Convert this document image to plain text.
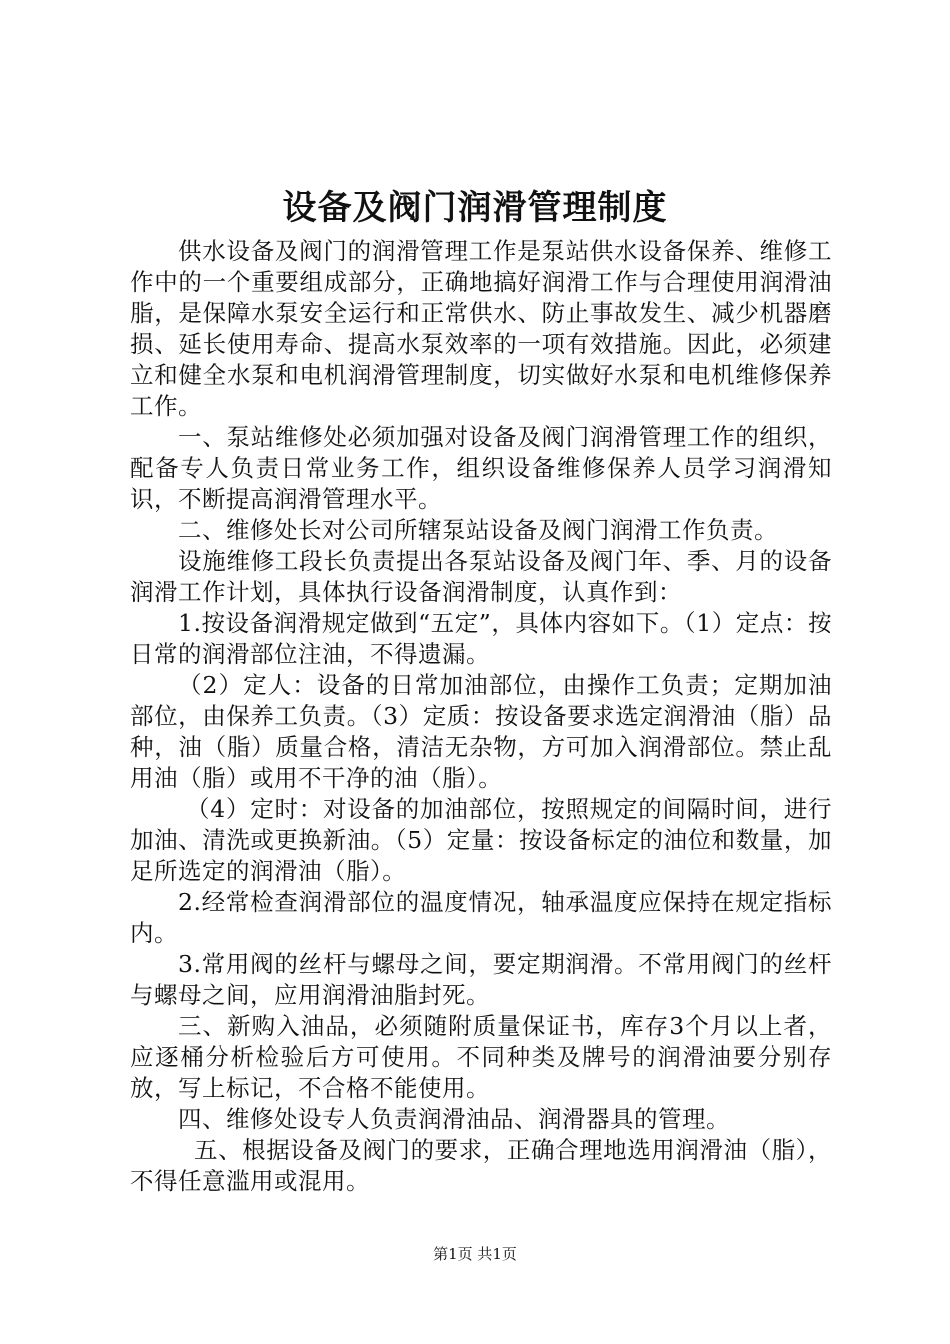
设备及阀门润滑管理制度

供水设备及阀门的润滑管理工作是泵站供水设备保养、维修工作中的一个重要组成部分，正确地搞好润滑工作与合理使用润滑油脂，是保障水泵安全运行和正常供水、防止事故发生、减少机器磨损、延长使用寿命、提高水泵效率的一项有效措施。因此，必须建立和健全水泵和电机润滑管理制度，切实做好水泵和电机维修保养工作。

一、泵站维修处必须加强对设备及阀门润滑管理工作的组织，配备专人负责日常业务工作，组织设备维修保养人员学习润滑知识，不断提高润滑管理水平。

二、维修处长对公司所辖泵站设备及阀门润滑工作负责。

设施维修工段长负责提出各泵站设备及阀门年、季、月的设备润滑工作计划，具体执行设备润滑制度，认真作到：

1.按设备润滑规定做到“五定”，具体内容如下。（1）定点：按日常的润滑部位注油，不得遗漏。

（2）定人：设备的日常加油部位，由操作工负责；定期加油部位，由保养工负责。（3）定质：按设备要求选定润滑油（脂）品种，油（脂）质量合格，清洁无杂物，方可加入润滑部位。禁止乱用油（脂）或用不干净的油（脂）。

（4）定时：对设备的加油部位，按照规定的间隔时间，进行加油、清洗或更换新油。（5）定量：按设备标定的油位和数量，加足所选定的润滑油（脂）。

2.经常检查润滑部位的温度情况，轴承温度应保持在规定指标内。

3.常用阀的丝杆与螺母之间，要定期润滑。不常用阀门的丝杆与螺母之间，应用润滑油脂封死。

三、新购入油品，必须随附质量保证书，库存3个月以上者，应逐桶分析检验后方可使用。不同种类及牌号的润滑油要分别存放，写上标记，不合格不能使用。

四、维修处设专人负责润滑油品、润滑器具的管理。

五、根据设备及阀门的要求，正确合理地选用润滑油（脂），不得任意滥用或混用。

第1页 共1页
